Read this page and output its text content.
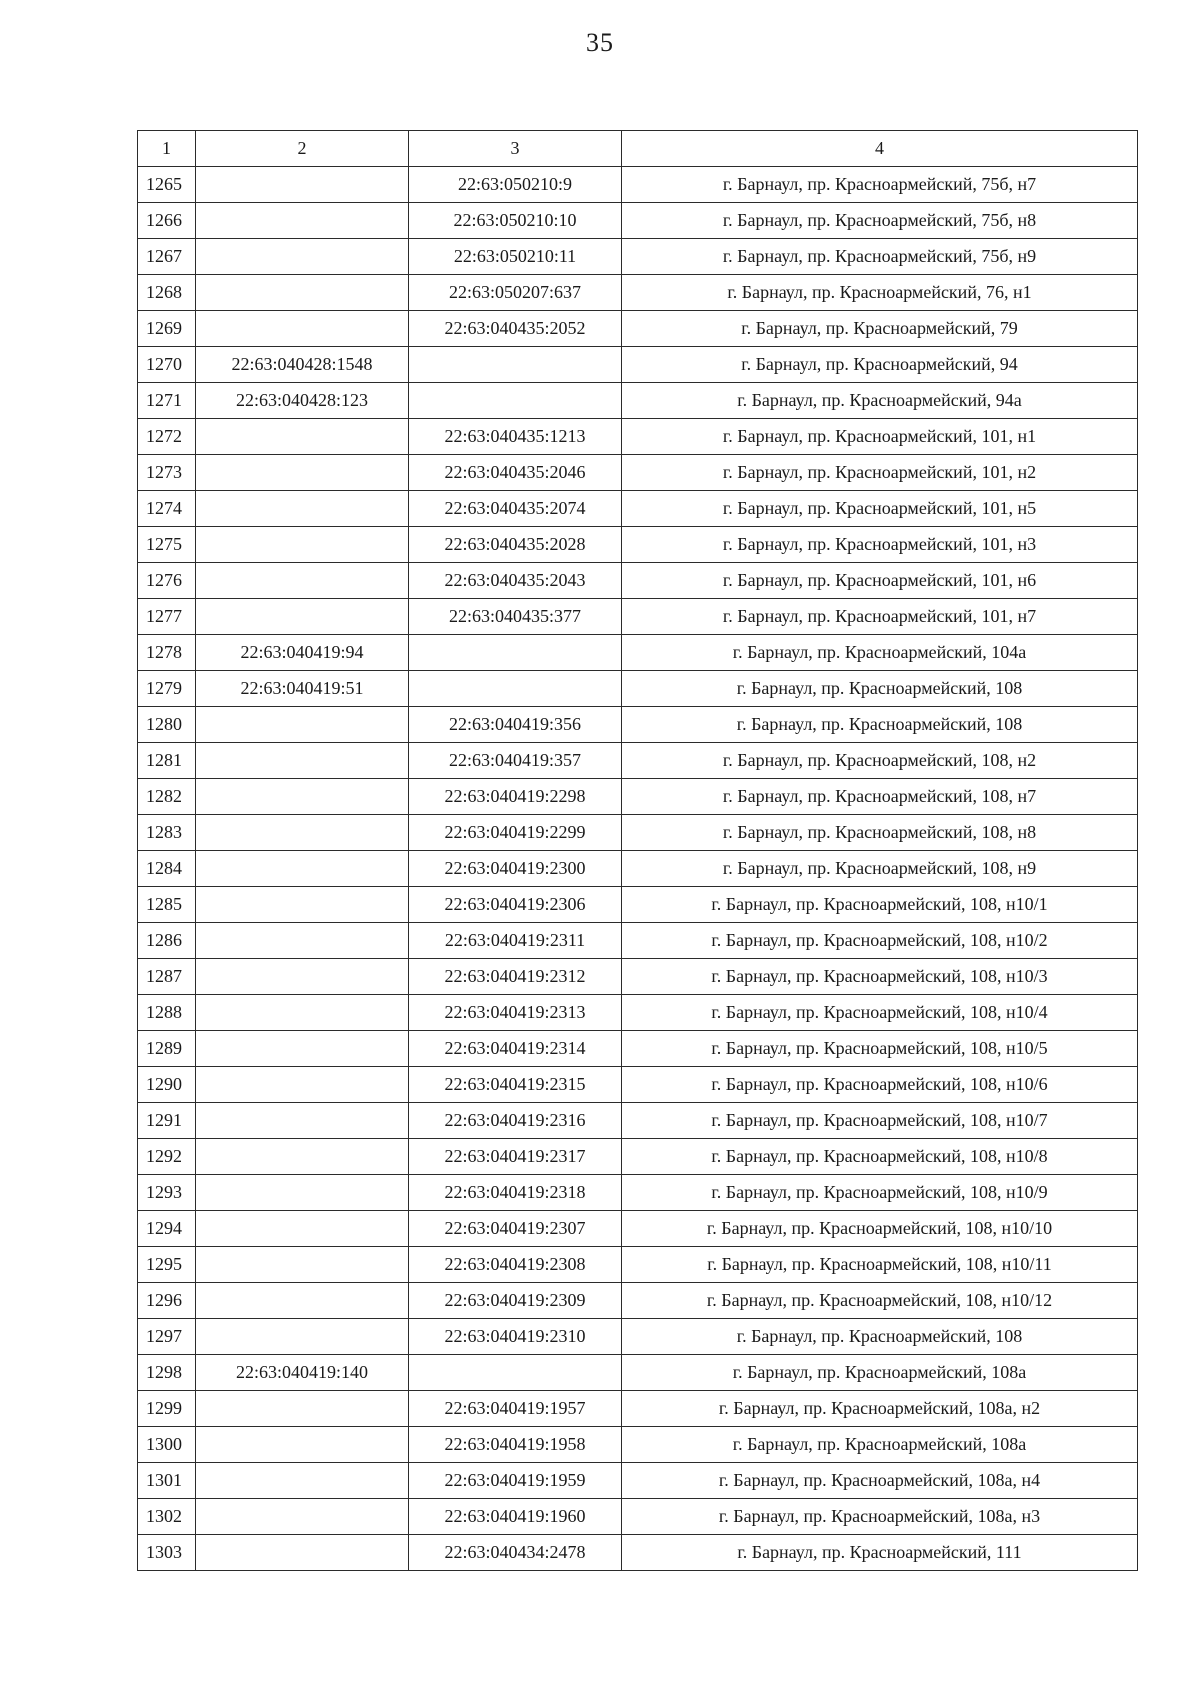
35
1	2	3	4
1265		22:63:050210:9	г. Барнаул, пр. Красноармейский, 75б, н7
1266		22:63:050210:10	г. Барнаул, пр. Красноармейский, 75б, н8
1267		22:63:050210:11	г. Барнаул, пр. Красноармейский, 75б, н9
1268		22:63:050207:637	г. Барнаул, пр. Красноармейский, 76, н1
1269		22:63:040435:2052	г. Барнаул, пр. Красноармейский, 79
1270	22:63:040428:1548		г. Барнаул, пр. Красноармейский, 94
1271	22:63:040428:123		г. Барнаул, пр. Красноармейский, 94а
1272		22:63:040435:1213	г. Барнаул, пр. Красноармейский, 101, н1
1273		22:63:040435:2046	г. Барнаул, пр. Красноармейский, 101, н2
1274		22:63:040435:2074	г. Барнаул, пр. Красноармейский, 101, н5
1275		22:63:040435:2028	г. Барнаул, пр. Красноармейский, 101, н3
1276		22:63:040435:2043	г. Барнаул, пр. Красноармейский, 101, н6
1277		22:63:040435:377	г. Барнаул, пр. Красноармейский, 101, н7
1278	22:63:040419:94		г. Барнаул, пр. Красноармейский, 104а
1279	22:63:040419:51		г. Барнаул, пр. Красноармейский, 108
1280		22:63:040419:356	г. Барнаул, пр. Красноармейский, 108
1281		22:63:040419:357	г. Барнаул, пр. Красноармейский, 108, н2
1282		22:63:040419:2298	г. Барнаул, пр. Красноармейский, 108, н7
1283		22:63:040419:2299	г. Барнаул, пр. Красноармейский, 108, н8
1284		22:63:040419:2300	г. Барнаул, пр. Красноармейский, 108, н9
1285		22:63:040419:2306	г. Барнаул, пр. Красноармейский, 108, н10/1
1286		22:63:040419:2311	г. Барнаул, пр. Красноармейский, 108, н10/2
1287		22:63:040419:2312	г. Барнаул, пр. Красноармейский, 108, н10/3
1288		22:63:040419:2313	г. Барнаул, пр. Красноармейский, 108, н10/4
1289		22:63:040419:2314	г. Барнаул, пр. Красноармейский, 108, н10/5
1290		22:63:040419:2315	г. Барнаул, пр. Красноармейский, 108, н10/6
1291		22:63:040419:2316	г. Барнаул, пр. Красноармейский, 108, н10/7
1292		22:63:040419:2317	г. Барнаул, пр. Красноармейский, 108, н10/8
1293		22:63:040419:2318	г. Барнаул, пр. Красноармейский, 108, н10/9
1294		22:63:040419:2307	г. Барнаул, пр. Красноармейский, 108, н10/10
1295		22:63:040419:2308	г. Барнаул, пр. Красноармейский, 108, н10/11
1296		22:63:040419:2309	г. Барнаул, пр. Красноармейский, 108, н10/12
1297		22:63:040419:2310	г. Барнаул, пр. Красноармейский, 108
1298	22:63:040419:140		г. Барнаул, пр. Красноармейский, 108а
1299		22:63:040419:1957	г. Барнаул, пр. Красноармейский, 108а, н2
1300		22:63:040419:1958	г. Барнаул, пр. Красноармейский, 108а
1301		22:63:040419:1959	г. Барнаул, пр. Красноармейский, 108а, н4
1302		22:63:040419:1960	г. Барнаул, пр. Красноармейский, 108а, н3
1303		22:63:040434:2478	г. Барнаул, пр. Красноармейский, 111
